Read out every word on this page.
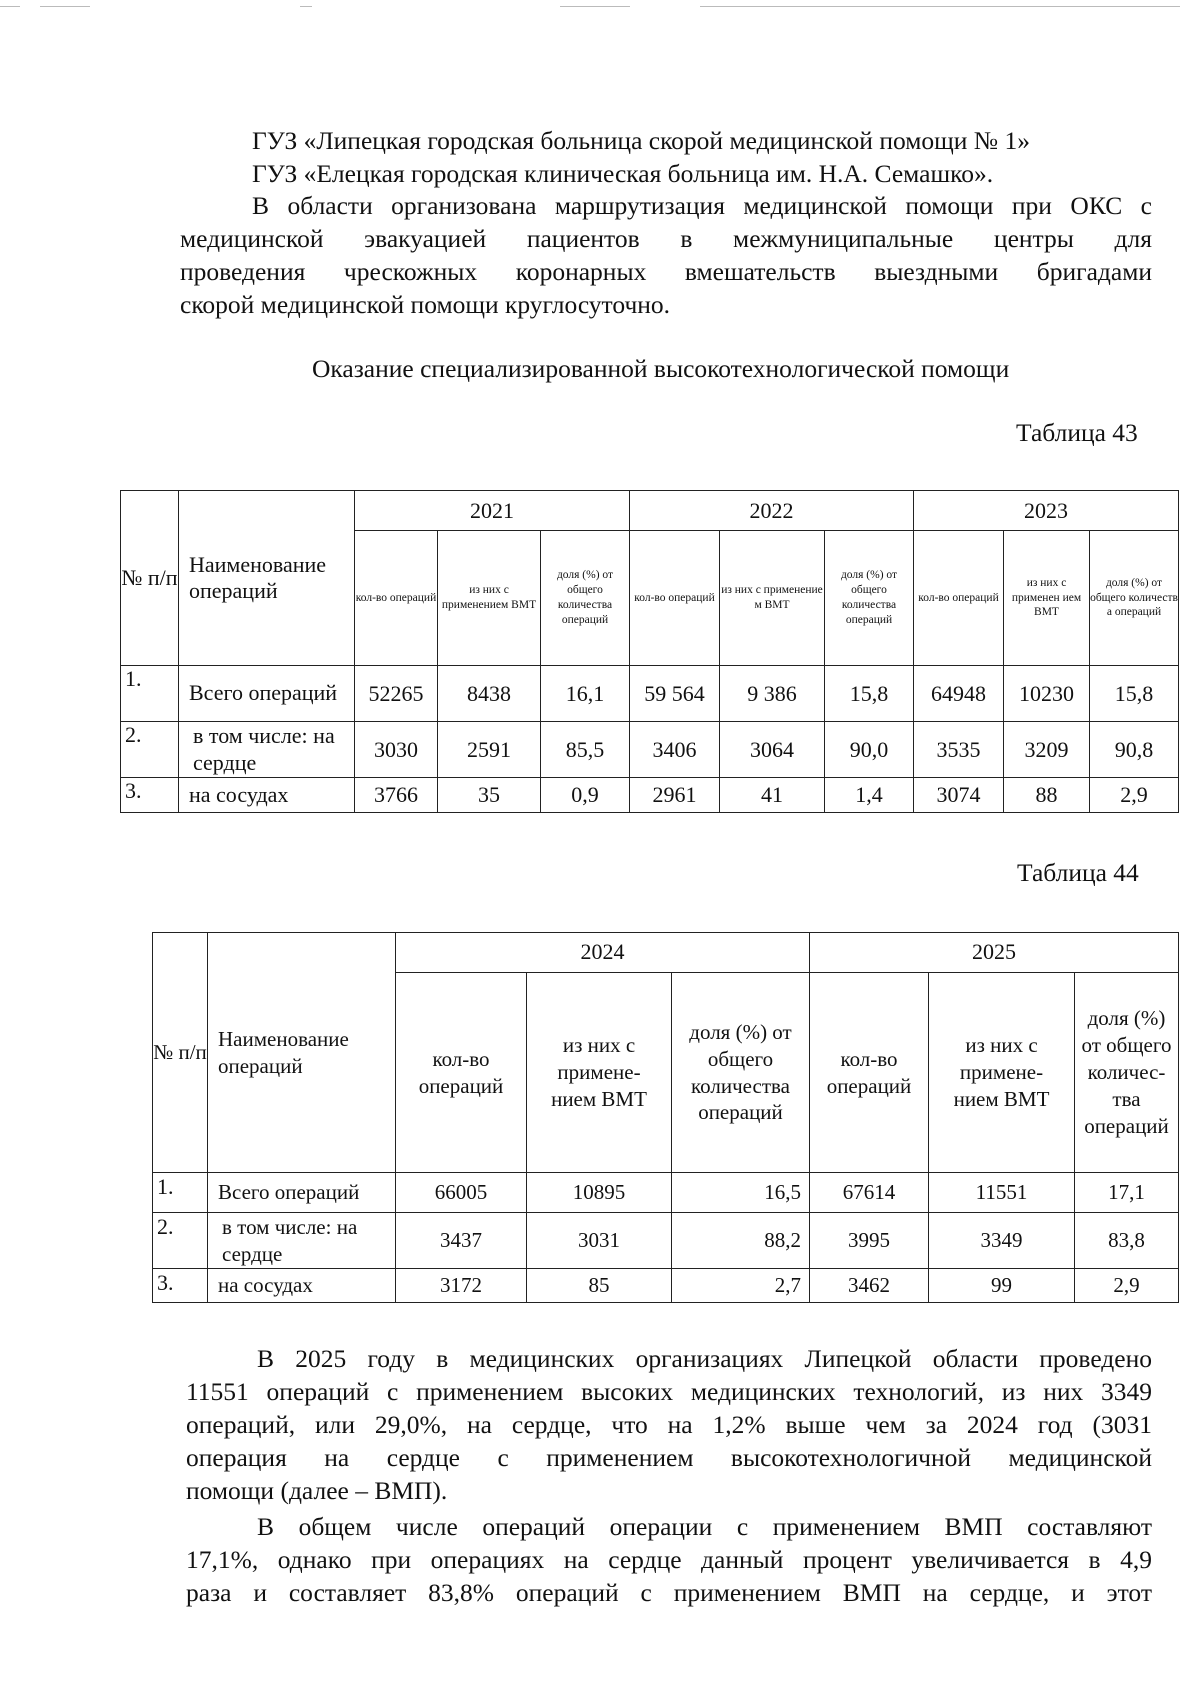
ГУЗ «Липецкая городская больница скорой медицинской помощи № 1»
ГУЗ «Елецкая городская клиническая больница им. Н.А. Семашко».
В области организована маршрутизация медицинской помощи при ОКС с
медицинской эвакуацией пациентов в межмуниципальные центры для
проведения чрескожных коронарных вмешательств выездными бригадами
скорой медицинской помощи круглосуточно.
Оказание специализированной высокотехнологической помощи
Таблица 43
№ п/п	Наименование операций	2021			2022			2023		
		кол-во операций	из них с применением ВМТ	доля (%) от общего количества операций	кол-во операций	из них с применение м ВМТ	доля (%) от общего количества операций	кол-во операций	из них с применен ием ВМТ	доля (%) от общего количеств а операций
1.	Всего операций	52265	8438	16,1	59 564	9 386	15,8	64948	10230	15,8
2.	в том числе: на сердце	3030	2591	85,5	3406	3064	90,0	3535	3209	90,8
3.	на сосудах	3766	35	0,9	2961	41	1,4	3074	88	2,9
Таблица 44
№ п/п	Наименование операций	2024			2025		
		кол-во операций	из них с примене-нием ВМТ	доля (%) от общего количества операций	кол-во операций	из них с примене-нием ВМТ	доля (%) от общего количес-тва операций
1.	Всего операций	66005	10895	16,5	67614	11551	17,1
2.	в том числе: на сердце	3437	3031	88,2	3995	3349	83,8
3.	на сосудах	3172	85	2,7	3462	99	2,9
В 2025 году в медицинских организациях Липецкой области проведено
11551 операций с применением высоких медицинских технологий, из них 3349
операций, или 29,0%, на сердце, что на 1,2% выше чем за 2024 год (3031
операция на сердце с применением высокотехнологичной медицинской
помощи (далее – ВМП).
В общем числе операций операции с применением ВМП составляют
17,1%, однако при операциях на сердце данный процент увеличивается в 4,9
раза и составляет 83,8% операций с применением ВМП на сердце, и этот
